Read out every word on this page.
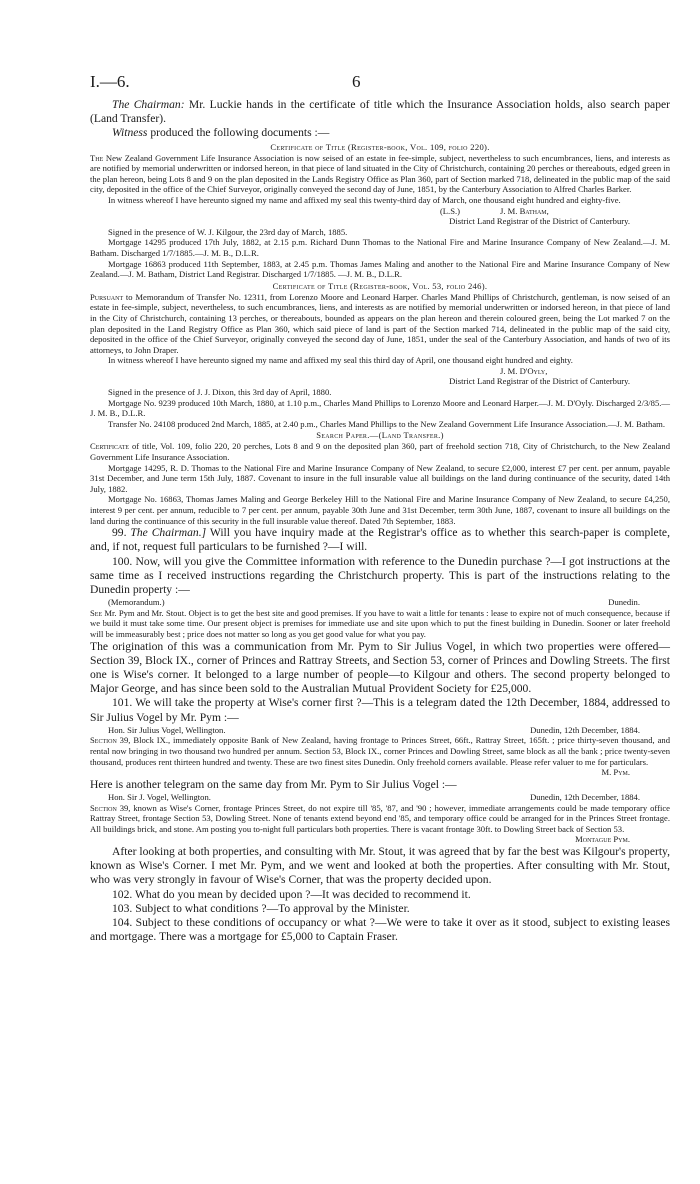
I.—6.	6

The Chairman: Mr. Luckie hands in the certificate of title which the Insurance Association holds, also search paper (Land Transfer).

Witness produced the following documents :—

Certificate of Title (Register-book, Vol. 109, folio 220).

The New Zealand Government Life Insurance Association is now seised of an estate in fee-simple, subject, nevertheless to such encumbrances, liens, and interests as are notified by memorial underwritten or indorsed hereon, in that piece of land situated in the City of Christchurch, containing 20 perches or thereabouts, edged green in the plan hereon, being Lots 8 and 9 on the plan deposited in the Lands Registry Office as Plan 360, part of Section marked 718, delineated in the public map of the said city, deposited in the office of the Chief Surveyor, originally conveyed the second day of June, 1851, by the Canterbury Association to Alfred Charles Barker.

In witness whereof I have hereunto signed my name and affixed my seal this twenty-third day of March, one thousand eight hundred and eighty-five.

(L.S.)	J. M. Batham,

District Land Registrar of the District of Canterbury.

Signed in the presence of W. J. Kilgour, the 23rd day of March, 1885.

Mortgage 14295 produced 17th July, 1882, at 2.15 p.m. Richard Dunn Thomas to the National Fire and Marine Insurance Company of New Zealand.—J. M. Batham. Discharged 1/7/1885.—J. M. B., D.L.R.

Mortgage 16863 produced 11th September, 1883, at 2.45 p.m. Thomas James Maling and another to the National Fire and Marine Insurance Company of New Zealand.—J. M. Batham, District Land Registrar. Discharged 1/7/1885. —J. M. B., D.L.R.

Certificate of Title (Register-book, Vol. 53, folio 246).

Pursuant to Memorandum of Transfer No. 12311, from Lorenzo Moore and Leonard Harper. Charles Mand Phillips of Christchurch, gentleman, is now seised of an estate in fee-simple, subject, nevertheless, to such encumbrances, liens, and interests as are notified by memorial underwritten or indorsed hereon, in that piece of land in the City of Christchurch, containing 13 perches, or thereabouts, bounded as appears on the plan hereon and therein coloured green, being the Lot marked 7 on the plan deposited in the Land Registry Office as Plan 360, which said piece of land is part of the Section marked 714, delineated in the public map of the said city, deposited in the office of the Chief Surveyor, originally conveyed the second day of June, 1851, under the seal of the Canterbury Association, and hands of two of its attorneys, to John Draper.

In witness whereof I have hereunto signed my name and affixed my seal this third day of April, one thousand eight hundred and eighty.

J. M. D'Oyly,

District Land Registrar of the District of Canterbury.

Signed in the presence of J. J. Dixon, this 3rd day of April, 1880.

Mortgage No. 9239 produced 10th March, 1880, at 1.10 p.m., Charles Mand Phillips to Lorenzo Moore and Leonard Harper.—J. M. D'Oyly. Discharged 2/3/85.—J. M. B., D.L.R.

Transfer No. 24108 produced 2nd March, 1885, at 2.40 p.m., Charles Mand Phillips to the New Zealand Government Life Insurance Association.—J. M. Batham.

Search Paper.—(Land Transfer.)

Certificate of title, Vol. 109, folio 220, 20 perches, Lots 8 and 9 on the deposited plan 360, part of freehold section 718, City of Christchurch, to the New Zealand Government Life Insurance Association.

Mortgage 14295, R. D. Thomas to the National Fire and Marine Insurance Company of New Zealand, to secure £2,000, interest £7 per cent. per annum, payable 31st December, and June term 15th July, 1887. Covenant to insure in the full insurable value all buildings on the land during continuance of the security, dated 14th July, 1882.

Mortgage No. 16863, Thomas James Maling and George Berkeley Hill to the National Fire and Marine Insurance Company of New Zealand, to secure £4,250, interest 9 per cent. per annum, reducible to 7 per cent. per annum, payable 30th June and 31st December, term 30th June, 1887, covenant to insure all buildings on the land during the continuance of this security in the full insurable value thereof. Dated 7th September, 1883.

99. The Chairman.] Will you have inquiry made at the Registrar's office as to whether this search-paper is complete, and, if not, request full particulars to be furnished ?—I will.

100. Now, will you give the Committee information with reference to the Dunedin purchase ?—I got instructions at the same time as I received instructions regarding the Christchurch property. This is part of the instructions relating to the Dunedin property :—

(Memorandum.)	Dunedin.

See Mr. Pym and Mr. Stout. Object is to get the best site and good premises. If you have to wait a little for tenants : lease to expire not of much consequence, because if we build it must take some time. Our present object is premises for immediate use and site upon which to put the finest building in Dunedin. Sooner or later freehold will be immeasurably best ; price does not matter so long as you get good value for what you pay.

The origination of this was a communication from Mr. Pym to Sir Julius Vogel, in which two properties were offered—Section 39, Block IX., corner of Princes and Rattray Streets, and Section 53, corner of Princes and Dowling Streets. The first one is Wise's corner. It belonged to a large number of people—to Kilgour and others. The second property belonged to Major George, and has since been sold to the Australian Mutual Provident Society for £25,000.

101. We will take the property at Wise's corner first ?—This is a telegram dated the 12th December, 1884, addressed to Sir Julius Vogel by Mr. Pym :—

Hon. Sir Julius Vogel, Wellington.	Dunedin, 12th December, 1884.

Section 39, Block IX., immediately opposite Bank of New Zealand, having frontage to Princes Street, 66ft., Rattray Street, 165ft. ; price thirty-seven thousand, and rental now bringing in two thousand two hundred per annum. Section 53, Block IX., corner Princes and Dowling Street, same block as all the bank ; price twenty-seven thousand, produces rent thirteen hundred and twenty. These are two finest sites Dunedin. Only freehold corners available. Please refer valuer to me for particulars.

M. Pym.

Here is another telegram on the same day from Mr. Pym to Sir Julius Vogel :—

Hon. Sir J. Vogel, Wellington.	Dunedin, 12th December, 1884.

Section 39, known as Wise's Corner, frontage Princes Street, do not expire till '85, '87, and '90 ; however, immediate arrangements could be made temporary office Rattray Street, frontage Section 53, Dowling Street. None of tenants extend beyond end '85, and temporary office could be arranged for in the Princes Street frontage. All buildings brick, and stone. Am posting you to-night full particulars both properties. There is vacant frontage 30ft. to Dowling Street back of Section 53.

Montague Pym.

After looking at both properties, and consulting with Mr. Stout, it was agreed that by far the best was Kilgour's property, known as Wise's Corner. I met Mr. Pym, and we went and looked at both the properties. After consulting with Mr. Stout, who was very strongly in favour of Wise's Corner, that was the property decided upon.

102. What do you mean by decided upon ?—It was decided to recommend it.

103. Subject to what conditions ?—To approval by the Minister.

104. Subject to these conditions of occupancy or what ?—We were to take it over as it stood, subject to existing leases and mortgage. There was a mortgage for £5,000 to Captain Fraser.
